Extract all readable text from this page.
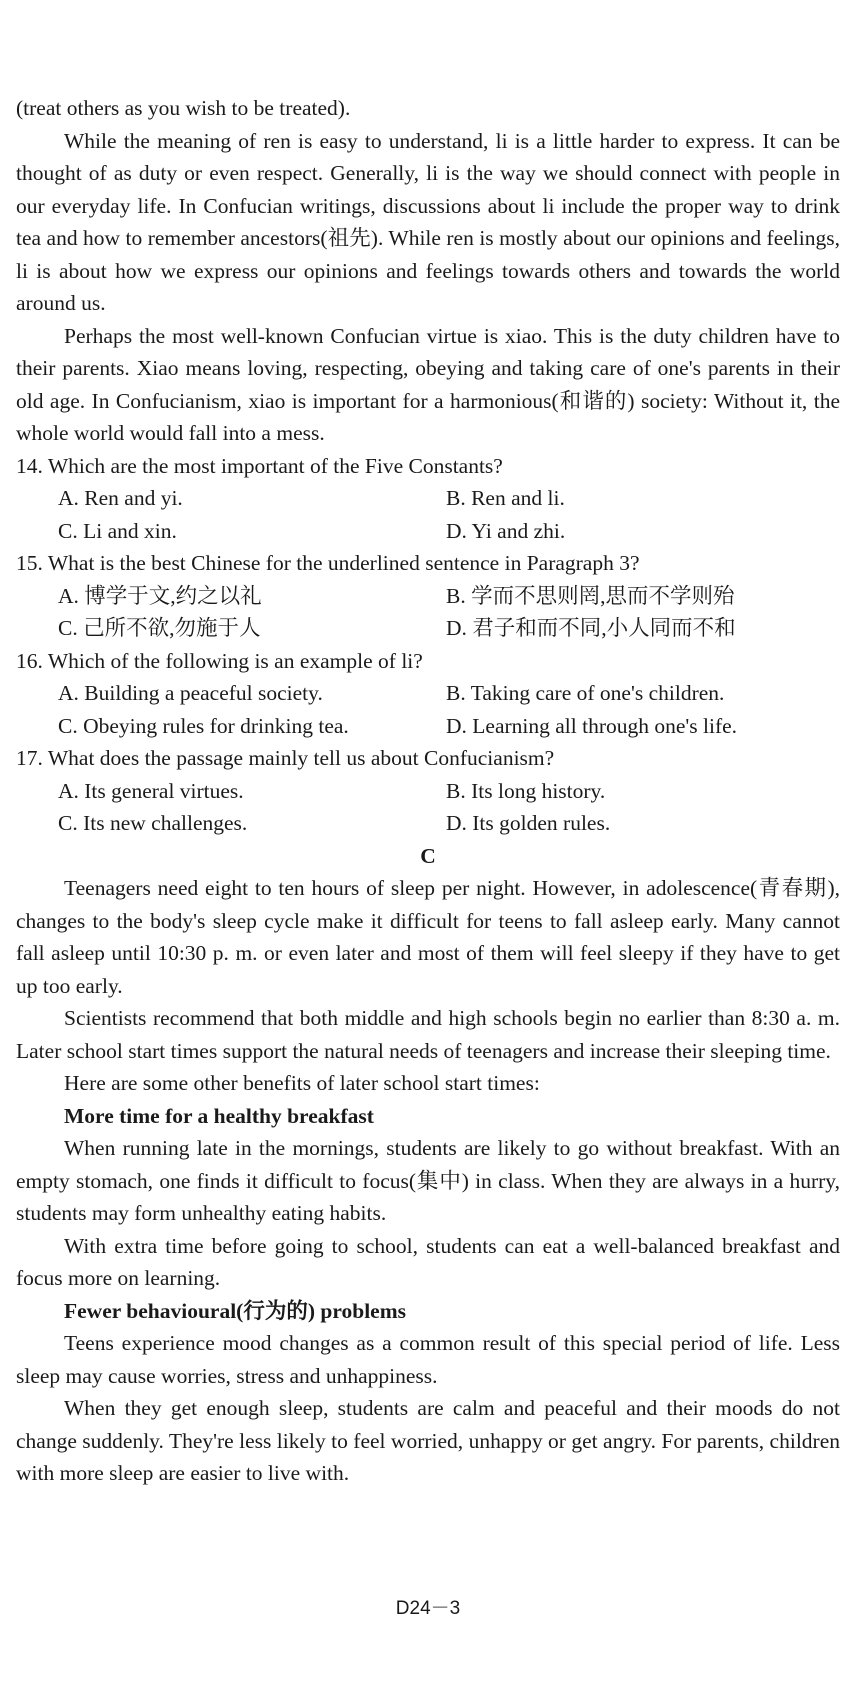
(treat others as you wish to be treated).

While the meaning of ren is easy to understand, li is a little harder to express. It can be thought of as duty or even respect. Generally, li is the way we should connect with people in our everyday life. In Confucian writings, discussions about li include the proper way to drink tea and how to remember ancestors(祖先). While ren is mostly about our opinions and feelings, li is about how we express our opinions and feelings towards others and towards the world around us.

Perhaps the most well-known Confucian virtue is xiao. This is the duty children have to their parents. Xiao means loving, respecting, obeying and taking care of one's parents in their old age. In Confucianism, xiao is important for a harmonious(和谐的) society: Without it, the whole world would fall into a mess.

14. Which are the most important of the Five Constants?

A. Ren and yi.	B. Ren and li.

C. Li and xin.	D. Yi and zhi.

15. What is the best Chinese for the underlined sentence in Paragraph 3?

A. 博学于文,约之以礼	B. 学而不思则罔,思而不学则殆

C. 己所不欲,勿施于人	D. 君子和而不同,小人同而不和

16. Which of the following is an example of li?

A. Building a peaceful society.	B. Taking care of one's children.

C. Obeying rules for drinking tea.	D. Learning all through one's life.

17. What does the passage mainly tell us about Confucianism?

A. Its general virtues.	B. Its long history.

C. Its new challenges.	D. Its golden rules.

C

Teenagers need eight to ten hours of sleep per night. However, in adolescence(青春期), changes to the body's sleep cycle make it difficult for teens to fall asleep early. Many cannot fall asleep until 10:30 p. m. or even later and most of them will feel sleepy if they have to get up too early.

Scientists recommend that both middle and high schools begin no earlier than 8:30 a. m. Later school start times support the natural needs of teenagers and increase their sleeping time.

Here are some other benefits of later school start times:

More time for a healthy breakfast

When running late in the mornings, students are likely to go without breakfast. With an empty stomach, one finds it difficult to focus(集中) in class. When they are always in a hurry, students may form unhealthy eating habits.

With extra time before going to school, students can eat a well-balanced breakfast and focus more on learning.

Fewer behavioural(行为的) problems

Teens experience mood changes as a common result of this special period of life. Less sleep may cause worries, stress and unhappiness.

When they get enough sleep, students are calm and peaceful and their moods do not change suddenly. They're less likely to feel worried, unhappy or get angry. For parents, children with more sleep are easier to live with.

D24－3
